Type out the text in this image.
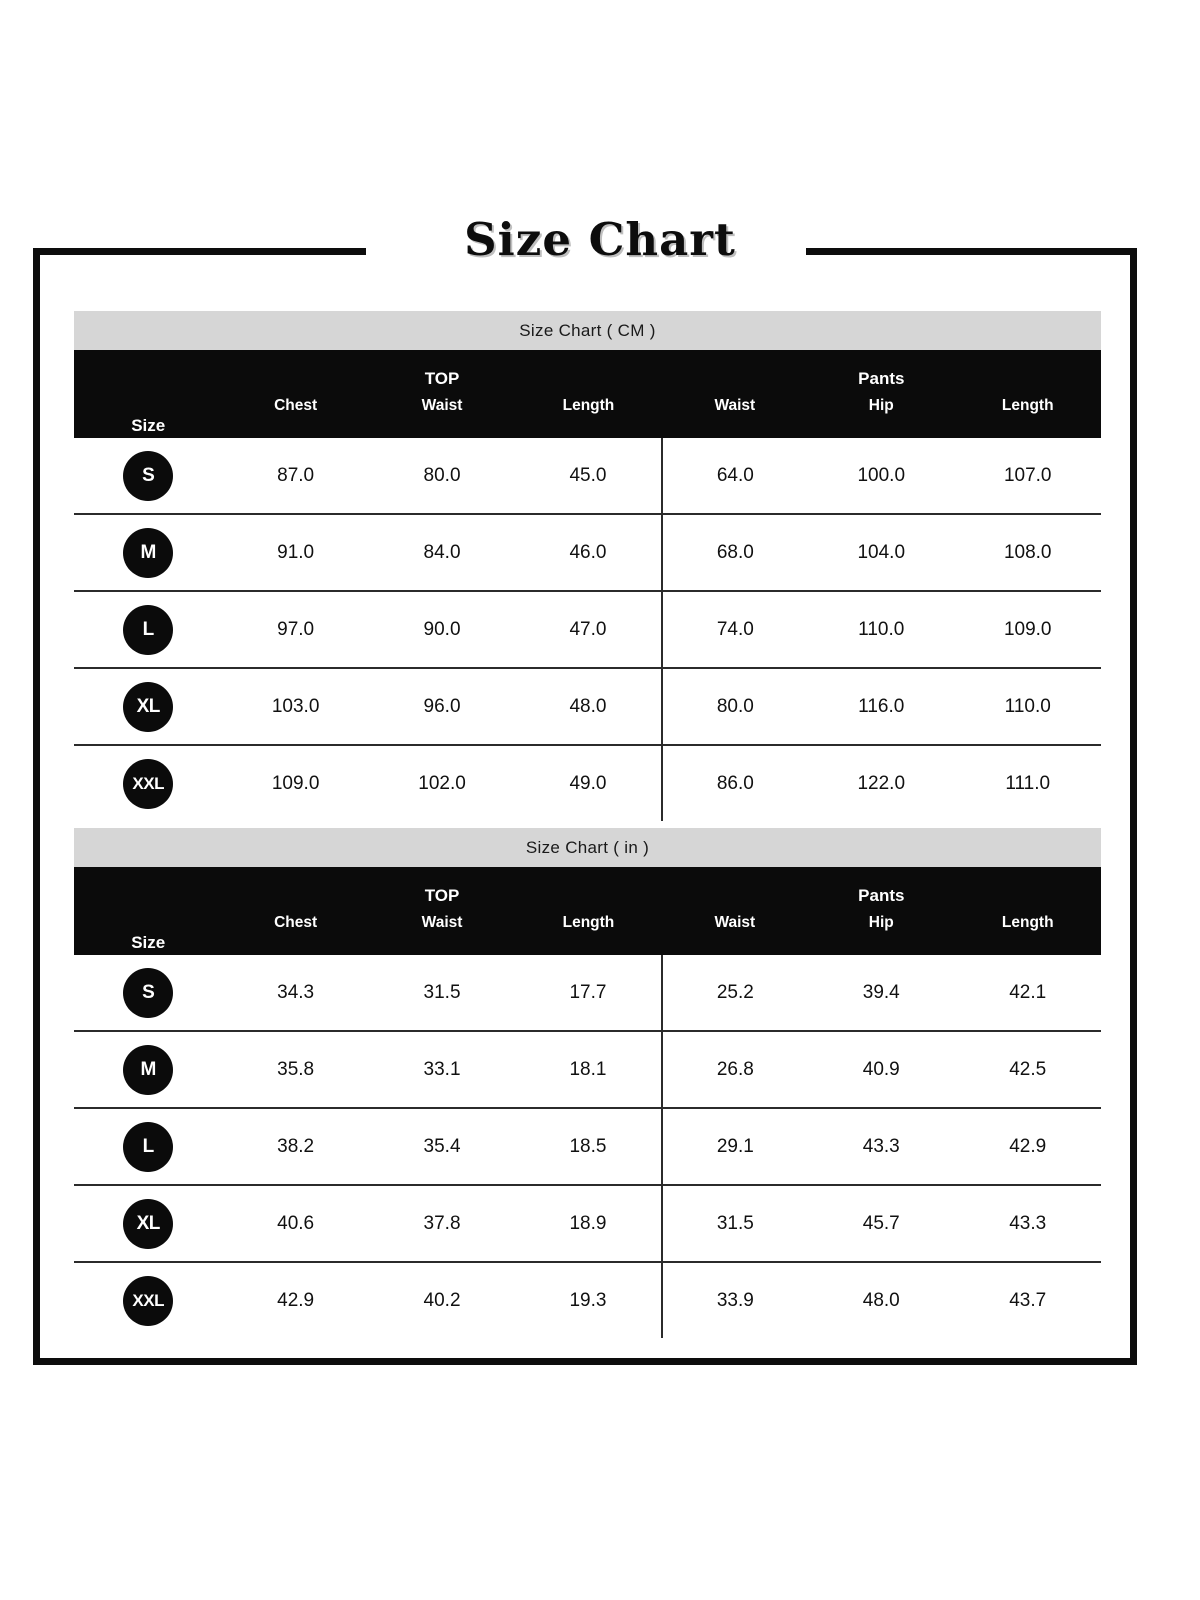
Size Chart
Size Chart ( CM )						
Size	TOP			Pants		
	Chest	Waist	Length	Waist	Hip	Length
S	87.0	80.0	45.0	64.0	100.0	107.0
M	91.0	84.0	46.0	68.0	104.0	108.0
L	97.0	90.0	47.0	74.0	110.0	109.0
XL	103.0	96.0	48.0	80.0	116.0	110.0
XXL	109.0	102.0	49.0	86.0	122.0	111.0
Size Chart ( in )						
Size	TOP			Pants		
	Chest	Waist	Length	Waist	Hip	Length
S	34.3	31.5	17.7	25.2	39.4	42.1
M	35.8	33.1	18.1	26.8	40.9	42.5
L	38.2	35.4	18.5	29.1	43.3	42.9
XL	40.6	37.8	18.9	31.5	45.7	43.3
XXL	42.9	40.2	19.3	33.9	48.0	43.7
